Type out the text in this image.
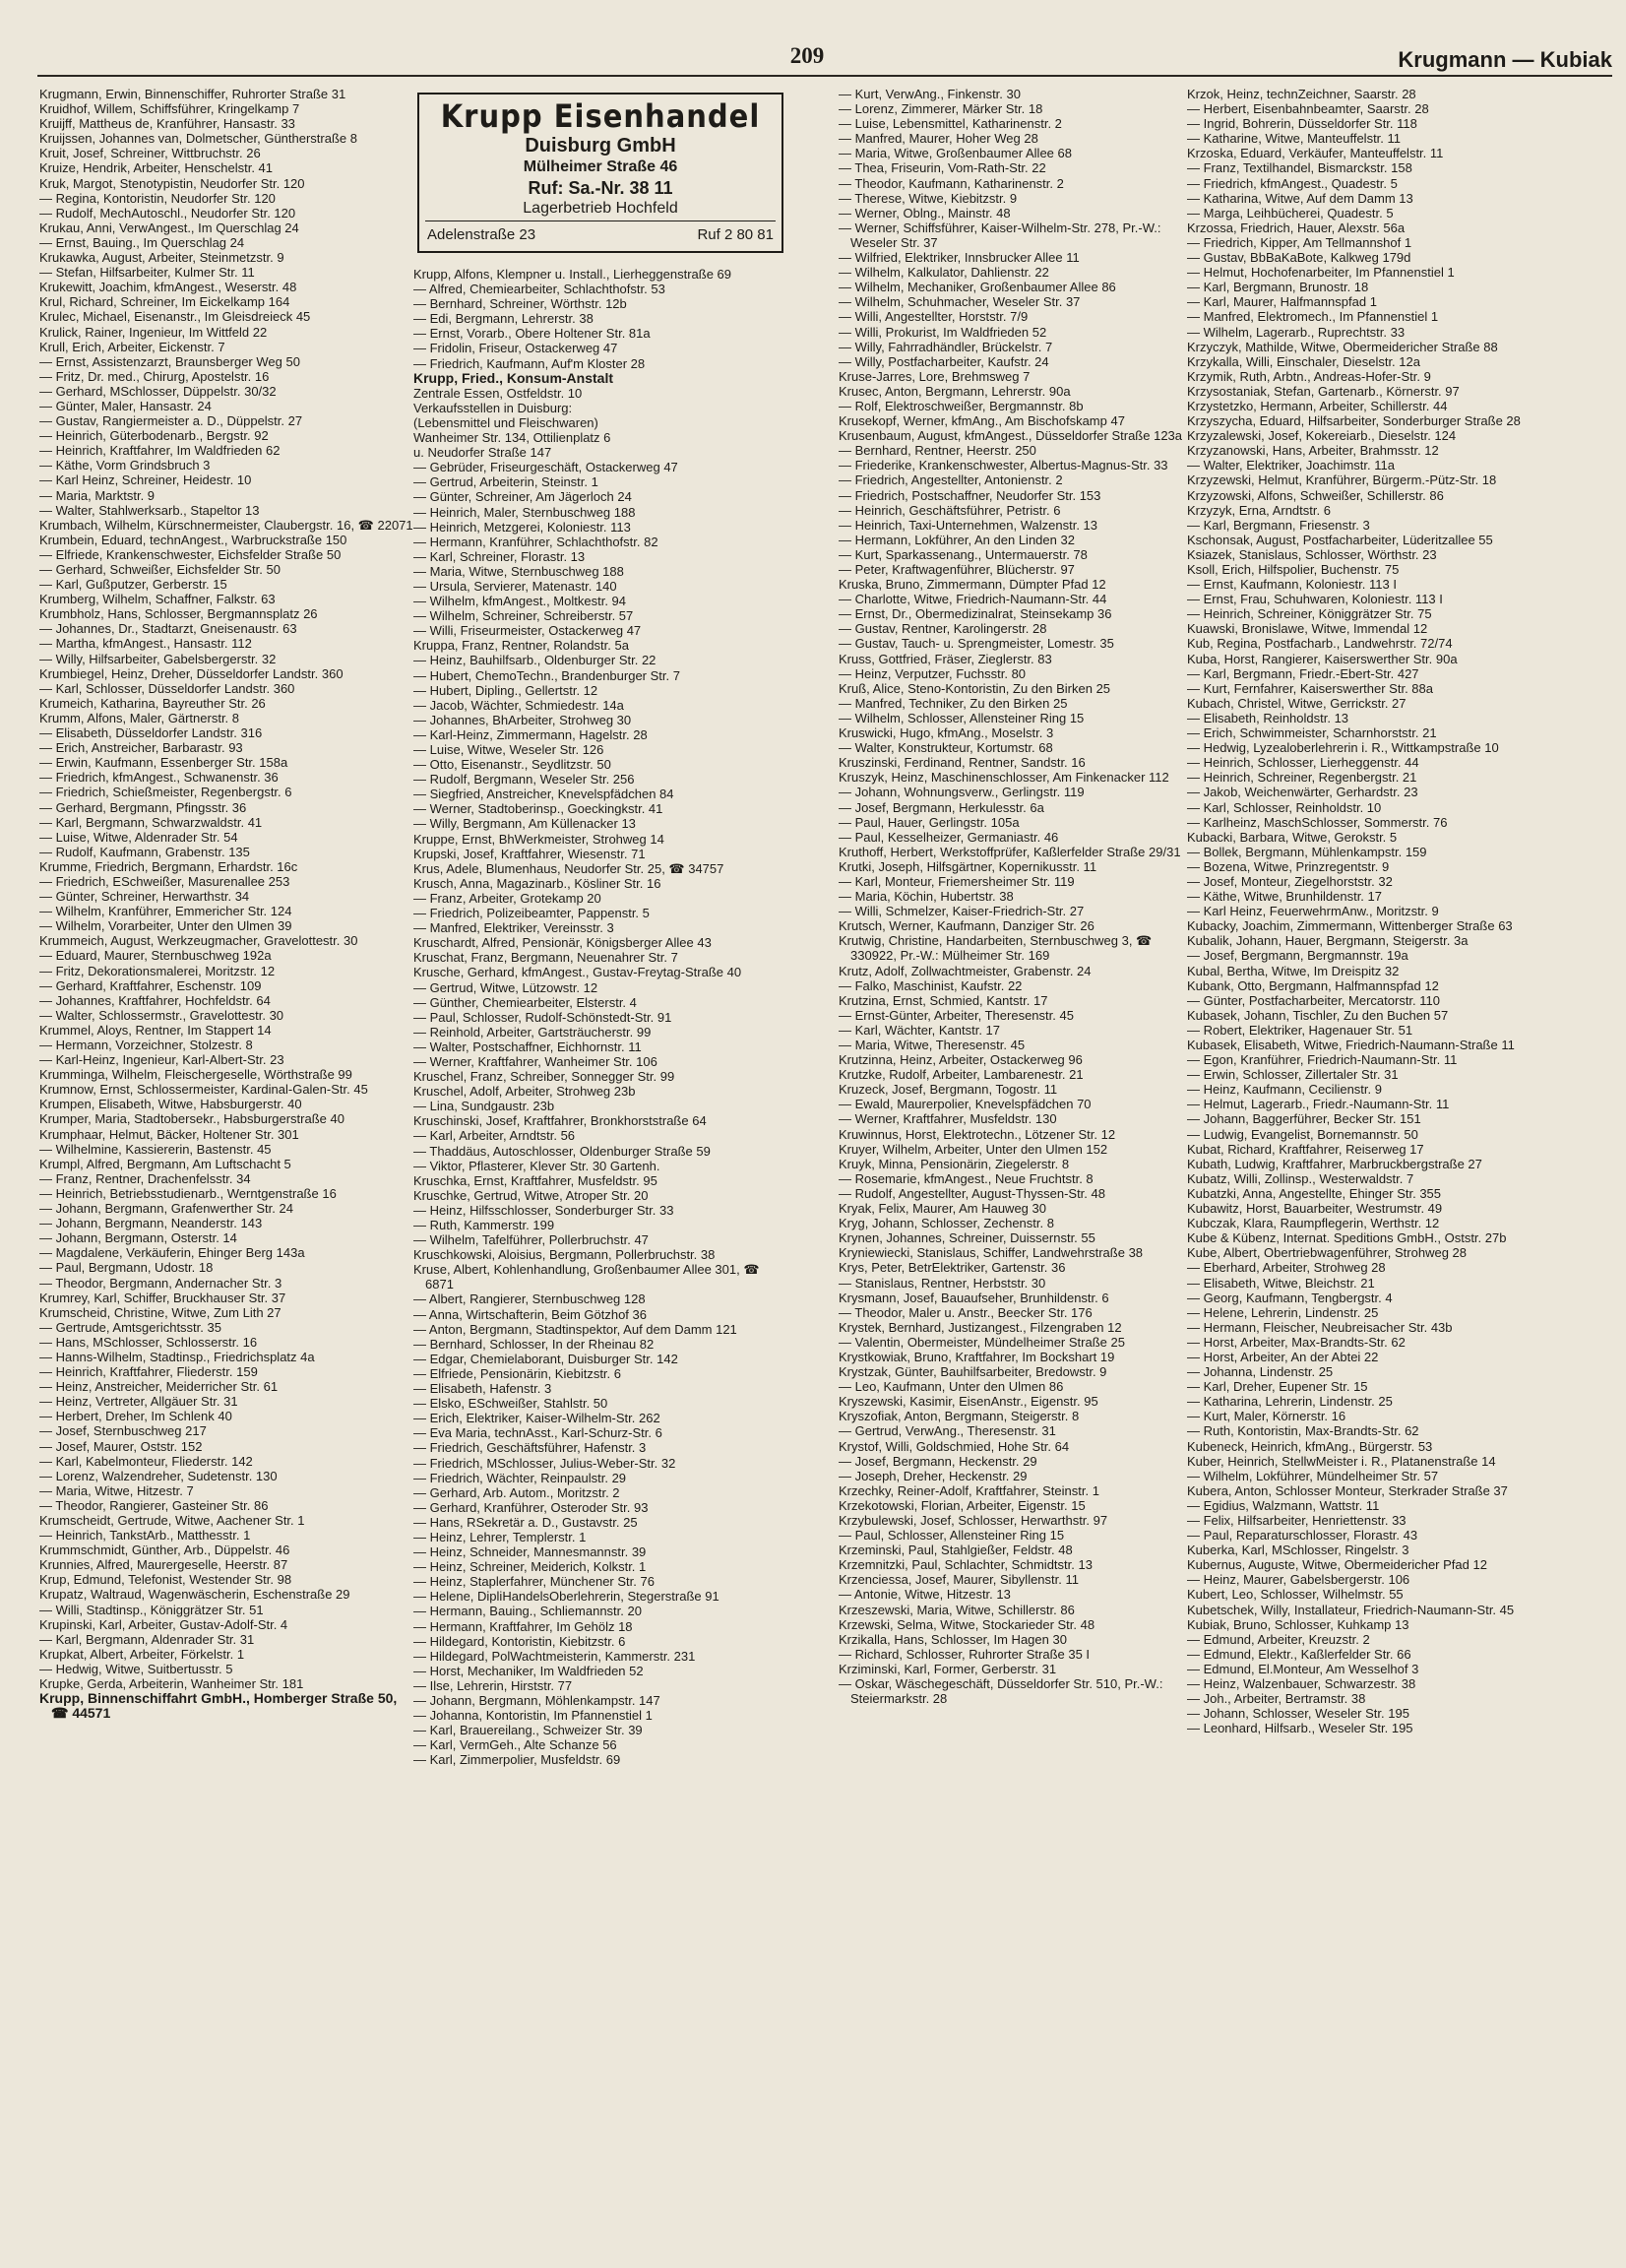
209	Krugmann — Kubiak

Krugmann, Erwin, Binnenschiffer, Ruhrorter Straße 31

Kruidhof, Willem, Schiffsführer, Kringelkamp 7

Kruijff, Mattheus de, Kranführer, Hansastr. 33

Kruijssen, Johannes van, Dolmetscher, Güntherstraße 8

Kruit, Josef, Schreiner, Wittbruchstr. 26

Kruize, Hendrik, Arbeiter, Henschelstr. 41

Kruk, Margot, Stenotypistin, Neudorfer Str. 120

— Regina, Kontoristin, Neudorfer Str. 120

— Rudolf, MechAutoschl., Neudorfer Str. 120

Krukau, Anni, VerwAngest., Im Querschlag 24

— Ernst, Bauing., Im Querschlag 24

Krukawka, August, Arbeiter, Steinmetzstr. 9

— Stefan, Hilfsarbeiter, Kulmer Str. 11

Krukewitt, Joachim, kfmAngest., Weserstr. 48

Krul, Richard, Schreiner, Im Eickelkamp 164

Krulec, Michael, Eisenanstr., Im Gleisdreieck 45

Krulick, Rainer, Ingenieur, Im Wittfeld 22

Krull, Erich, Arbeiter, Eickenstr. 7

— Ernst, Assistenzarzt, Braunsberger Weg 50

— Fritz, Dr. med., Chirurg, Apostelstr. 16

— Gerhard, MSchlosser, Düppelstr. 30/32

— Günter, Maler, Hansastr. 24

— Gustav, Rangiermeister a. D., Düppelstr. 27

— Heinrich, Güterbodenarb., Bergstr. 92

— Heinrich, Kraftfahrer, Im Waldfrieden 62

— Käthe, Vorm Grindsbruch 3

— Karl Heinz, Schreiner, Heidestr. 10

— Maria, Marktstr. 9

— Walter, Stahlwerksarb., Stapeltor 13

Krumbach, Wilhelm, Kürschnermeister, Claubergstr. 16, ☎ 22071

Krumbein, Eduard, technAngest., Warbruckstraße 150

— Elfriede, Krankenschwester, Eichsfelder Straße 50

— Gerhard, Schweißer, Eichsfelder Str. 50

— Karl, Gußputzer, Gerberstr. 15

Krumberg, Wilhelm, Schaffner, Falkstr. 63

Krumbholz, Hans, Schlosser, Bergmannsplatz 26

— Johannes, Dr., Stadtarzt, Gneisenaustr. 63

— Martha, kfmAngest., Hansastr. 112

— Willy, Hilfsarbeiter, Gabelsbergerstr. 32

Krumbiegel, Heinz, Dreher, Düsseldorfer Landstr. 360

— Karl, Schlosser, Düsseldorfer Landstr. 360

Krumeich, Katharina, Bayreuther Str. 26

Krumm, Alfons, Maler, Gärtnerstr. 8

— Elisabeth, Düsseldorfer Landstr. 316

— Erich, Anstreicher, Barbarastr. 93

— Erwin, Kaufmann, Essenberger Str. 158a

— Friedrich, kfmAngest., Schwanenstr. 36

— Friedrich, Schießmeister, Regenbergstr. 6

— Gerhard, Bergmann, Pfingsstr. 36

— Karl, Bergmann, Schwarzwaldstr. 41

— Luise, Witwe, Aldenrader Str. 54

— Rudolf, Kaufmann, Grabenstr. 135

Krumme, Friedrich, Bergmann, Erhardstr. 16c

— Friedrich, ESchweißer, Masurenallee 253

— Günter, Schreiner, Herwarthstr. 34

— Wilhelm, Kranführer, Emmericher Str. 124

— Wilhelm, Vorarbeiter, Unter den Ulmen 39

Krummeich, August, Werkzeugmacher, Gravelottestr. 30

— Eduard, Maurer, Sternbuschweg 192a

— Fritz, Dekorationsmalerei, Moritzstr. 12

— Gerhard, Kraftfahrer, Eschenstr. 109

— Johannes, Kraftfahrer, Hochfeldstr. 64

— Walter, Schlossermstr., Gravelottestr. 30

Krummel, Aloys, Rentner, Im Stappert 14

— Hermann, Vorzeichner, Stolzestr. 8

— Karl-Heinz, Ingenieur, Karl-Albert-Str. 23

Krumminga, Wilhelm, Fleischergeselle, Wörthstraße 99

Krumnow, Ernst, Schlossermeister, Kardinal-Galen-Str. 45

Krumpen, Elisabeth, Witwe, Habsburgerstr. 40

Krumper, Maria, Stadtobersekr., Habsburgerstraße 40

Krumphaar, Helmut, Bäcker, Holtener Str. 301

— Wilhelmine, Kassiererin, Bastenstr. 45

Krumpl, Alfred, Bergmann, Am Luftschacht 5

— Franz, Rentner, Drachenfelsstr. 34

— Heinrich, Betriebsstudienarb., Werntgenstraße 16

— Johann, Bergmann, Grafenwerther Str. 24

— Johann, Bergmann, Neanderstr. 143

— Johann, Bergmann, Osterstr. 14

— Magdalene, Verkäuferin, Ehinger Berg 143a

— Paul, Bergmann, Udostr. 18

— Theodor, Bergmann, Andernacher Str. 3

Krumrey, Karl, Schiffer, Bruckhauser Str. 37

Krumscheid, Christine, Witwe, Zum Lith 27

— Gertrude, Amtsgerichtsstr. 35

— Hans, MSchlosser, Schlosserstr. 16

— Hanns-Wilhelm, Stadtinsp., Friedrichsplatz 4a

— Heinrich, Kraftfahrer, Fliederstr. 159

— Heinz, Anstreicher, Meiderricher Str. 61

— Heinz, Vertreter, Allgäuer Str. 31

— Herbert, Dreher, Im Schlenk 40

— Josef, Sternbuschweg 217

— Josef, Maurer, Oststr. 152

— Karl, Kabelmonteur, Fliederstr. 142

— Lorenz, Walzendreher, Sudetenstr. 130

— Maria, Witwe, Hitzestr. 7

— Theodor, Rangierer, Gasteiner Str. 86

Krumscheidt, Gertrude, Witwe, Aachener Str. 1

— Heinrich, TankstArb., Matthesstr. 1

Krummschmidt, Günther, Arb., Düppelstr. 46

Krunnies, Alfred, Maurergeselle, Heerstr. 87

Krup, Edmund, Telefonist, Westender Str. 98

Krupatz, Waltraud, Wagenwäscherin, Eschenstraße 29

— Willi, Stadtinsp., Königgrätzer Str. 51

Krupinski, Karl, Arbeiter, Gustav-Adolf-Str. 4

— Karl, Bergmann, Aldenrader Str. 31

Krupkat, Albert, Arbeiter, Förkelstr. 1

— Hedwig, Witwe, Suitbertusstr. 5

Krupke, Gerda, Arbeiterin, Wanheimer Str. 181

Krupp, Binnenschiffahrt GmbH., Homberger Straße 50, ☎ 44571

Krupp Eisenhandel
Duisburg GmbH
Mülheimer Straße 46
Ruf: Sa.-Nr. 38 11
Lagerbetrieb Hochfeld
Adelenstraße 23	Ruf 2 80 81

Krupp, Alfons, Klempner u. Install., Lierheggenstraße 69

— Alfred, Chemiearbeiter, Schlachthofstr. 53

— Bernhard, Schreiner, Wörthstr. 12b

— Edi, Bergmann, Lehrerstr. 38

— Ernst, Vorarb., Obere Holtener Str. 81a

— Fridolin, Friseur, Ostackerweg 47

— Friedrich, Kaufmann, Auf'm Kloster 28

Krupp, Fried., Konsum-Anstalt

Zentrale Essen, Ostfeldstr. 10

Verkaufsstellen in Duisburg:

(Lebensmittel und Fleischwaren)

Wanheimer Str. 134, Ottilienplatz 6

u. Neudorfer Straße 147

— Gebrüder, Friseurgeschäft, Ostackerweg 47

— Gertrud, Arbeiterin, Steinstr. 1

— Günter, Schreiner, Am Jägerloch 24

— Heinrich, Maler, Sternbuschweg 188

— Heinrich, Metzgerei, Koloniestr. 113

— Hermann, Kranführer, Schlachthofstr. 82

— Karl, Schreiner, Florastr. 13

— Maria, Witwe, Sternbuschweg 188

— Ursula, Servierer, Matenastr. 140

— Wilhelm, kfmAngest., Moltkestr. 94

— Wilhelm, Schreiner, Schreiberstr. 57

— Willi, Friseurmeister, Ostackerweg 47

Kruppa, Franz, Rentner, Rolandstr. 5a

— Heinz, Bauhilfsarb., Oldenburger Str. 22

— Hubert, ChemoTechn., Brandenburger Str. 7

— Hubert, Dipling., Gellertstr. 12

— Jacob, Wächter, Schmiedestr. 14a

— Johannes, BhArbeiter, Strohweg 30

— Karl-Heinz, Zimmermann, Hagelstr. 28

— Luise, Witwe, Weseler Str. 126

— Otto, Eisenanstr., Seydlitzstr. 50

— Rudolf, Bergmann, Weseler Str. 256

— Siegfried, Anstreicher, Knevelspfädchen 84

— Werner, Stadtoberinsp., Goeckingkstr. 41

— Willy, Bergmann, Am Küllenacker 13

Kruppe, Ernst, BhWerkmeister, Strohweg 14

Krupski, Josef, Kraftfahrer, Wiesenstr. 71

Krus, Adele, Blumenhaus, Neudorfer Str. 25, ☎ 34757

Krusch, Anna, Magazinarb., Kösliner Str. 16

— Franz, Arbeiter, Grotekamp 20

— Friedrich, Polizeibeamter, Pappenstr. 5

— Manfred, Elektriker, Vereinsstr. 3

Kruschardt, Alfred, Pensionär, Königsberger Allee 43

Kruschat, Franz, Bergmann, Neuenahrer Str. 7

Krusche, Gerhard, kfmAngest., Gustav-Freytag-Straße 40

— Gertrud, Witwe, Lützowstr. 12

— Günther, Chemiearbeiter, Elsterstr. 4

— Paul, Schlosser, Rudolf-Schönstedt-Str. 91

— Reinhold, Arbeiter, Gartsträucherstr. 99

— Walter, Postschaffner, Eichhornstr. 11

— Werner, Kraftfahrer, Wanheimer Str. 106

Kruschel, Franz, Schreiber, Sonnegger Str. 99

Kruschel, Adolf, Arbeiter, Strohweg 23b

— Lina, Sundgaustr. 23b

Kruschinski, Josef, Kraftfahrer, Bronkhorststraße 64

— Karl, Arbeiter, Arndtstr. 56

— Thaddäus, Autoschlosser, Oldenburger Straße 59

— Viktor, Pflasterer, Klever Str. 30 Gartenh.

Kruschka, Ernst, Kraftfahrer, Musfeldstr. 95

Kruschke, Gertrud, Witwe, Atroper Str. 20

— Heinz, Hilfsschlosser, Sonderburger Str. 33

— Ruth, Kammerstr. 199

— Wilhelm, Tafelführer, Pollerbruchstr. 47

Kruschkowski, Aloisius, Bergmann, Pollerbruchstr. 38

Kruse, Albert, Kohlenhandlung, Großenbaumer Allee 301, ☎ 6871

— Albert, Rangierer, Sternbuschweg 128

— Anna, Wirtschafterin, Beim Götzhof 36

— Anton, Bergmann, Stadtinspektor, Auf dem Damm 121

— Bernhard, Schlosser, In der Rheinau 82

— Edgar, Chemielaborant, Duisburger Str. 142

— Elfriede, Pensionärin, Kiebitzstr. 6

— Elisabeth, Hafenstr. 3

— Elsko, ESchweißer, Stahlstr. 50

— Erich, Elektriker, Kaiser-Wilhelm-Str. 262

— Eva Maria, technAsst., Karl-Schurz-Str. 6

— Friedrich, Geschäftsführer, Hafenstr. 3

— Friedrich, MSchlosser, Julius-Weber-Str. 32

— Friedrich, Wächter, Reinpaulstr. 29

— Gerhard, Arb. Autom., Moritzstr. 2

— Gerhard, Kranführer, Osteroder Str. 93

— Hans, RSekretär a. D., Gustavstr. 25

— Heinz, Lehrer, Templerstr. 1

— Heinz, Schneider, Mannesmannstr. 39

— Heinz, Schreiner, Meiderich, Kolkstr. 1

— Heinz, Staplerfahrer, Münchener Str. 76

— Helene, DipliHandelsOberlehrerin, Stegerstraße 91

— Hermann, Bauing., Schliemannstr. 20

— Hermann, Kraftfahrer, Im Gehölz 18

— Hildegard, Kontoristin, Kiebitzstr. 6

— Hildegard, PolWachtmeisterin, Kammerstr. 231

— Horst, Mechaniker, Im Waldfrieden 52

— Ilse, Lehrerin, Hirststr. 77

— Johann, Bergmann, Möhlenkampstr. 147

— Johanna, Kontoristin, Im Pfannenstiel 1

— Karl, Brauereilang., Schweizer Str. 39

— Karl, VermGeh., Alte Schanze 56

— Karl, Zimmerpolier, Musfeldstr. 69

— Kurt, VerwAng., Finkenstr. 30

— Lorenz, Zimmerer, Märker Str. 18

— Luise, Lebensmittel, Katharinenstr. 2

— Manfred, Maurer, Hoher Weg 28

— Maria, Witwe, Großenbaumer Allee 68

— Thea, Friseurin, Vom-Rath-Str. 22

— Theodor, Kaufmann, Katharinenstr. 2

— Therese, Witwe, Kiebitzstr. 9

— Werner, Oblng., Mainstr. 48

— Werner, Schiffsführer, Kaiser-Wilhelm-Str. 278, Pr.-W.: Weseler Str. 37

— Wilfried, Elektriker, Innsbrucker Allee 11

— Wilhelm, Kalkulator, Dahlienstr. 22

— Wilhelm, Mechaniker, Großenbaumer Allee 86

— Wilhelm, Schuhmacher, Weseler Str. 37

— Willi, Angestellter, Horststr. 7/9

— Willi, Prokurist, Im Waldfrieden 52

— Willy, Fahrradhändler, Brückelstr. 7

— Willy, Postfacharbeiter, Kaufstr. 24

Kruse-Jarres, Lore, Brehmsweg 7

Krusec, Anton, Bergmann, Lehrerstr. 90a

— Rolf, Elektroschweißer, Bergmannstr. 8b

Krusekopf, Werner, kfmAng., Am Bischofskamp 47

Krusenbaum, August, kfmAngest., Düsseldorfer Straße 123a

— Bernhard, Rentner, Heerstr. 250

— Friederike, Krankenschwester, Albertus-Magnus-Str. 33

— Friedrich, Angestellter, Antonienstr. 2

— Friedrich, Postschaffner, Neudorfer Str. 153

— Heinrich, Geschäftsführer, Petristr. 6

— Heinrich, Taxi-Unternehmen, Walzenstr. 13

— Hermann, Lokführer, An den Linden 32

— Kurt, Sparkassenang., Untermauerstr. 78

— Peter, Kraftwagenführer, Blücherstr. 97

Kruska, Bruno, Zimmermann, Dümpter Pfad 12

— Charlotte, Witwe, Friedrich-Naumann-Str. 44

— Ernst, Dr., Obermedizinalrat, Steinsekamp 36

— Gustav, Rentner, Karolingerstr. 28

— Gustav, Tauch- u. Sprengmeister, Lomestr. 35

Kruss, Gottfried, Fräser, Zieglerstr. 83

— Heinz, Verputzer, Fuchsstr. 80

Kruß, Alice, Steno-Kontoristin, Zu den Birken 25

— Manfred, Techniker, Zu den Birken 25

— Wilhelm, Schlosser, Allensteiner Ring 15

Kruswicki, Hugo, kfmAng., Moselstr. 3

— Walter, Konstrukteur, Kortumstr. 68

Kruszinski, Ferdinand, Rentner, Sandstr. 16

Kruszyk, Heinz, Maschinenschlosser, Am Finkenacker 112

— Johann, Wohnungsverw., Gerlingstr. 119

— Josef, Bergmann, Herkulesstr. 6a

— Paul, Hauer, Gerlingstr. 105a

— Paul, Kesselheizer, Germaniastr. 46

Kruthoff, Herbert, Werkstoffprüfer, Kaßlerfelder Straße 29/31

Krutki, Joseph, Hilfsgärtner, Kopernikusstr. 11

— Karl, Monteur, Friemersheimer Str. 119

— Maria, Köchin, Hubertstr. 38

— Willi, Schmelzer, Kaiser-Friedrich-Str. 27

Krutsch, Werner, Kaufmann, Danziger Str. 26

Krutwig, Christine, Handarbeiten, Sternbuschweg 3, ☎ 330922, Pr.-W.: Mülheimer Str. 169

Krutz, Adolf, Zollwachtmeister, Grabenstr. 24

— Falko, Maschinist, Kaufstr. 22

Krutzina, Ernst, Schmied, Kantstr. 17

— Ernst-Günter, Arbeiter, Theresenstr. 45

— Karl, Wächter, Kantstr. 17

— Maria, Witwe, Theresenstr. 45

Krutzinna, Heinz, Arbeiter, Ostackerweg 96

Krutzke, Rudolf, Arbeiter, Lambarenestr. 21

Kruzeck, Josef, Bergmann, Togostr. 11

— Ewald, Maurerpolier, Knevelspfädchen 70

— Werner, Kraftfahrer, Musfeldstr. 130

Kruwinnus, Horst, Elektrotechn., Lötzener Str. 12

Kruyer, Wilhelm, Arbeiter, Unter den Ulmen 152

Kruyk, Minna, Pensionärin, Ziegelerstr. 8

— Rosemarie, kfmAngest., Neue Fruchtstr. 8

— Rudolf, Angestellter, August-Thyssen-Str. 48

Kryak, Felix, Maurer, Am Hauweg 30

Kryg, Johann, Schlosser, Zechenstr. 8

Krynen, Johannes, Schreiner, Duissernstr. 55

Kryniewiecki, Stanislaus, Schiffer, Landwehrstraße 38

Krys, Peter, BetrElektriker, Gartenstr. 36

— Stanislaus, Rentner, Herbststr. 30

Krysmann, Josef, Bauaufseher, Brunhildenstr. 6

— Theodor, Maler u. Anstr., Beecker Str. 176

Krystek, Bernhard, Justizangest., Filzengraben 12

— Valentin, Obermeister, Mündelheimer Straße 25

Krystkowiak, Bruno, Kraftfahrer, Im Bockshart 19

Krystzak, Günter, Bauhilfsarbeiter, Bredowstr. 9

— Leo, Kaufmann, Unter den Ulmen 86

Kryszewski, Kasimir, EisenAnstr., Eigenstr. 95

Kryszofiak, Anton, Bergmann, Steigerstr. 8

— Gertrud, VerwAng., Theresenstr. 31

Krystof, Willi, Goldschmied, Hohe Str. 64

— Josef, Bergmann, Heckenstr. 29

— Joseph, Dreher, Heckenstr. 29

Krzechky, Reiner-Adolf, Kraftfahrer, Steinstr. 1

Krzekotowski, Florian, Arbeiter, Eigenstr. 15

Krzybulewski, Josef, Schlosser, Herwarthstr. 97

— Paul, Schlosser, Allensteiner Ring 15

Krzeminski, Paul, Stahlgießer, Feldstr. 48

Krzemnitzki, Paul, Schlachter, Schmidtstr. 13

Krzenciessa, Josef, Maurer, Sibyllenstr. 11

— Antonie, Witwe, Hitzestr. 13

Krzeszewski, Maria, Witwe, Schillerstr. 86

Krzewski, Selma, Witwe, Stockarieder Str. 48

Krzikalla, Hans, Schlosser, Im Hagen 30

— Richard, Schlosser, Ruhrorter Straße 35 I

Krziminski, Karl, Former, Gerberstr. 31

— Oskar, Wäschegeschäft, Düsseldorfer Str. 510, Pr.-W.: Steiermarkstr. 28

Krzok, Heinz, technZeichner, Saarstr. 28

— Herbert, Eisenbahnbeamter, Saarstr. 28

— Ingrid, Bohrerin, Düsseldorfer Str. 118

— Katharine, Witwe, Manteuffelstr. 11

Krzoska, Eduard, Verkäufer, Manteuffelstr. 11

— Franz, Textilhandel, Bismarckstr. 158

— Friedrich, kfmAngest., Quadestr. 5

— Katharina, Witwe, Auf dem Damm 13

— Marga, Leihbücherei, Quadestr. 5

Krzossa, Friedrich, Hauer, Alexstr. 56a

— Friedrich, Kipper, Am Tellmannshof 1

— Gustav, BbBaKaBote, Kalkweg 179d

— Helmut, Hochofenarbeiter, Im Pfannenstiel 1

— Karl, Bergmann, Brunostr. 18

— Karl, Maurer, Halfmannspfad 1

— Manfred, Elektromech., Im Pfannenstiel 1

— Wilhelm, Lagerarb., Ruprechtstr. 33

Krzyczyk, Mathilde, Witwe, Obermeidericher Straße 88

Krzykalla, Willi, Einschaler, Dieselstr. 12a

Krzymik, Ruth, Arbtn., Andreas-Hofer-Str. 9

Krzysostaniak, Stefan, Gartenarb., Körnerstr. 97

Krzystetzko, Hermann, Arbeiter, Schillerstr. 44

Krzyszycha, Eduard, Hilfsarbeiter, Sonderburger Straße 28

Krzyzalewski, Josef, Kokereiarb., Dieselstr. 124

Krzyzanowski, Hans, Arbeiter, Brahmsstr. 12

— Walter, Elektriker, Joachimstr. 11a

Krzyzewski, Helmut, Kranführer, Bürgerm.-Pütz-Str. 18

Krzyzowski, Alfons, Schweißer, Schillerstr. 86

Krzyzyk, Erna, Arndtstr. 6

— Karl, Bergmann, Friesenstr. 3

Kschonsak, August, Postfacharbeiter, Lüderitzallee 55

Ksiazek, Stanislaus, Schlosser, Wörthstr. 23

Ksoll, Erich, Hilfspolier, Buchenstr. 75

— Ernst, Kaufmann, Koloniestr. 113 I

— Ernst, Frau, Schuhwaren, Koloniestr. 113 I

— Heinrich, Schreiner, Königgrätzer Str. 75

Kuawski, Bronislawe, Witwe, Immendal 12

Kub, Regina, Postfacharb., Landwehrstr. 72/74

Kuba, Horst, Rangierer, Kaiserswerther Str. 90a

— Karl, Bergmann, Friedr.-Ebert-Str. 427

— Kurt, Fernfahrer, Kaiserswerther Str. 88a

Kubach, Christel, Witwe, Gerrickstr. 27

— Elisabeth, Reinholdstr. 13

— Erich, Schwimmeister, Scharnhorststr. 21

— Hedwig, Lyzealoberlehrerin i. R., Wittkampstraße 10

— Heinrich, Schlosser, Lierheggenstr. 44

— Heinrich, Schreiner, Regenbergstr. 21

— Jakob, Weichenwärter, Gerhardstr. 23

— Karl, Schlosser, Reinholdstr. 10

— Karlheinz, MaschSchlosser, Sommerstr. 76

Kubacki, Barbara, Witwe, Gerokstr. 5

— Bollek, Bergmann, Mühlenkampstr. 159

— Bozena, Witwe, Prinzregentstr. 9

— Josef, Monteur, Ziegelhorststr. 32

— Käthe, Witwe, Brunhildenstr. 17

— Karl Heinz, FeuerwehrmAnw., Moritzstr. 9

Kubacky, Joachim, Zimmermann, Wittenberger Straße 63

Kubalik, Johann, Hauer, Bergmann, Steigerstr. 3a

— Josef, Bergmann, Bergmannstr. 19a

Kubal, Bertha, Witwe, Im Dreispitz 32

Kubank, Otto, Bergmann, Halfmannspfad 12

— Günter, Postfacharbeiter, Mercatorstr. 110

Kubasek, Johann, Tischler, Zu den Buchen 57

— Robert, Elektriker, Hagenauer Str. 51

Kubasek, Elisabeth, Witwe, Friedrich-Naumann-Straße 11

— Egon, Kranführer, Friedrich-Naumann-Str. 11

— Erwin, Schlosser, Zillertaler Str. 31

— Heinz, Kaufmann, Cecilienstr. 9

— Helmut, Lagerarb., Friedr.-Naumann-Str. 11

— Johann, Baggerführer, Becker Str. 151

— Ludwig, Evangelist, Bornemannstr. 50

Kubat, Richard, Kraftfahrer, Reiserweg 17

Kubath, Ludwig, Kraftfahrer, Marbruckbergstraße 27

Kubatz, Willi, Zollinsp., Westerwaldstr. 7

Kubatzki, Anna, Angestellte, Ehinger Str. 355

Kubawitz, Horst, Bauarbeiter, Westrumstr. 49

Kubczak, Klara, Raumpflegerin, Werthstr. 12

Kube & Kübenz, Internat. Speditions GmbH., Oststr. 27b

Kube, Albert, Obertriebwagenführer, Strohweg 28

— Eberhard, Arbeiter, Strohweg 28

— Elisabeth, Witwe, Bleichstr. 21

— Georg, Kaufmann, Tengbergstr. 4

— Helene, Lehrerin, Lindenstr. 25

— Hermann, Fleischer, Neubreisacher Str. 43b

— Horst, Arbeiter, Max-Brandts-Str. 62

— Horst, Arbeiter, An der Abtei 22

— Johanna, Lindenstr. 25

— Karl, Dreher, Eupener Str. 15

— Katharina, Lehrerin, Lindenstr. 25

— Kurt, Maler, Körnerstr. 16

— Ruth, Kontoristin, Max-Brandts-Str. 62

Kubeneck, Heinrich, kfmAng., Bürgerstr. 53

Kuber, Heinrich, StellwMeister i. R., Platanenstraße 14

— Wilhelm, Lokführer, Mündelheimer Str. 57

Kubera, Anton, Schlosser Monteur, Sterkrader Straße 37

— Egidius, Walzmann, Wattstr. 11

— Felix, Hilfsarbeiter, Henriettenstr. 33

— Paul, Reparaturschlosser, Florastr. 43

Kuberka, Karl, MSchlosser, Ringelstr. 3

Kubernus, Auguste, Witwe, Obermeidericher Pfad 12

— Heinz, Maurer, Gabelsbergerstr. 106

Kubert, Leo, Schlosser, Wilhelmstr. 55

Kubetschek, Willy, Installateur, Friedrich-Naumann-Str. 45

Kubiak, Bruno, Schlosser, Kuhkamp 13

— Edmund, Arbeiter, Kreuzstr. 2

— Edmund, Elektr., Kaßlerfelder Str. 66

— Edmund, El.Monteur, Am Wesselhof 3

— Heinz, Walzenbauer, Schwarzestr. 38

— Joh., Arbeiter, Bertramstr. 38

— Johann, Schlosser, Weseler Str. 195

— Leonhard, Hilfsarb., Weseler Str. 195
